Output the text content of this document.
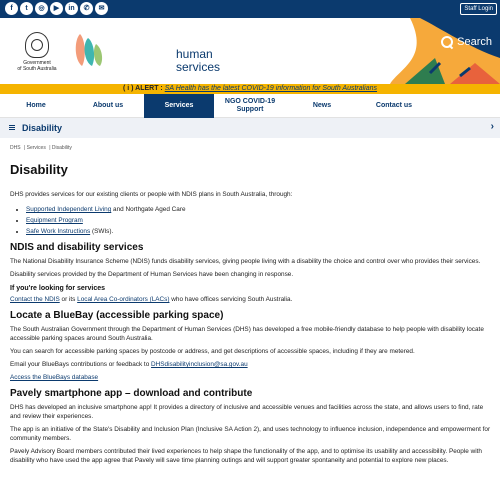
f	t	◎	▶	in	✆	✉	Staff Login
Government
of South Australia
human
services
Search
( i ) ALERT : SA Health has the latest COVID-19 information for South Australians
Home	About us	Services
NGO COVID-19 Support
News	Contact us
Disability	›
DHS | Services | Disability
Disability

DHS provides services for our existing clients or people with NDIS plans in South Australia, through:

• Supported Independent Living and Northgate Aged Care
• Equipment Program
• Safe Work Instructions (SWIs).
NDIS and disability services

The National Disability Insurance Scheme (NDIS) funds disability services, giving people living with a disability the choice and control over who provides their services.

Disability services provided by the Department of Human Services have been changing in response.

If you're looking for services

Contact the NDIS or its Local Area Co-ordinators (LACs) who have offices servicing South Australia.

Locate a BlueBay (accessible parking space)

The South Australian Government through the Department of Human Services (DHS) has developed a free mobile-friendly database to help people with disability locate accessible parking spaces around South Australia.

You can search for accessible parking spaces by postcode or address, and get descriptions of accessible spaces, including if they are metered.

Email your BlueBays contributions or feedback to DHSdisabilityinclusion@sa.gov.au

Access the BlueBays database

Pavely smartphone app – download and contribute

DHS has developed an inclusive smartphone app! It provides a directory of inclusive and accessible venues and facilities across the state, and allows users to find, rate and review their experiences.

The app is an initiative of the State's Disability and Inclusion Plan (Inclusive SA Action 2), and uses technology to influence inclusion, independence and empowerment for community members.

Pavely Advisory Board members contributed their lived experiences to help shape the functionality of the app, and to optimise its usability and accessibility. People with disability who have used the app agree that Pavely will save time planning outings and will support greater spontaneity and potential to explore new places.
